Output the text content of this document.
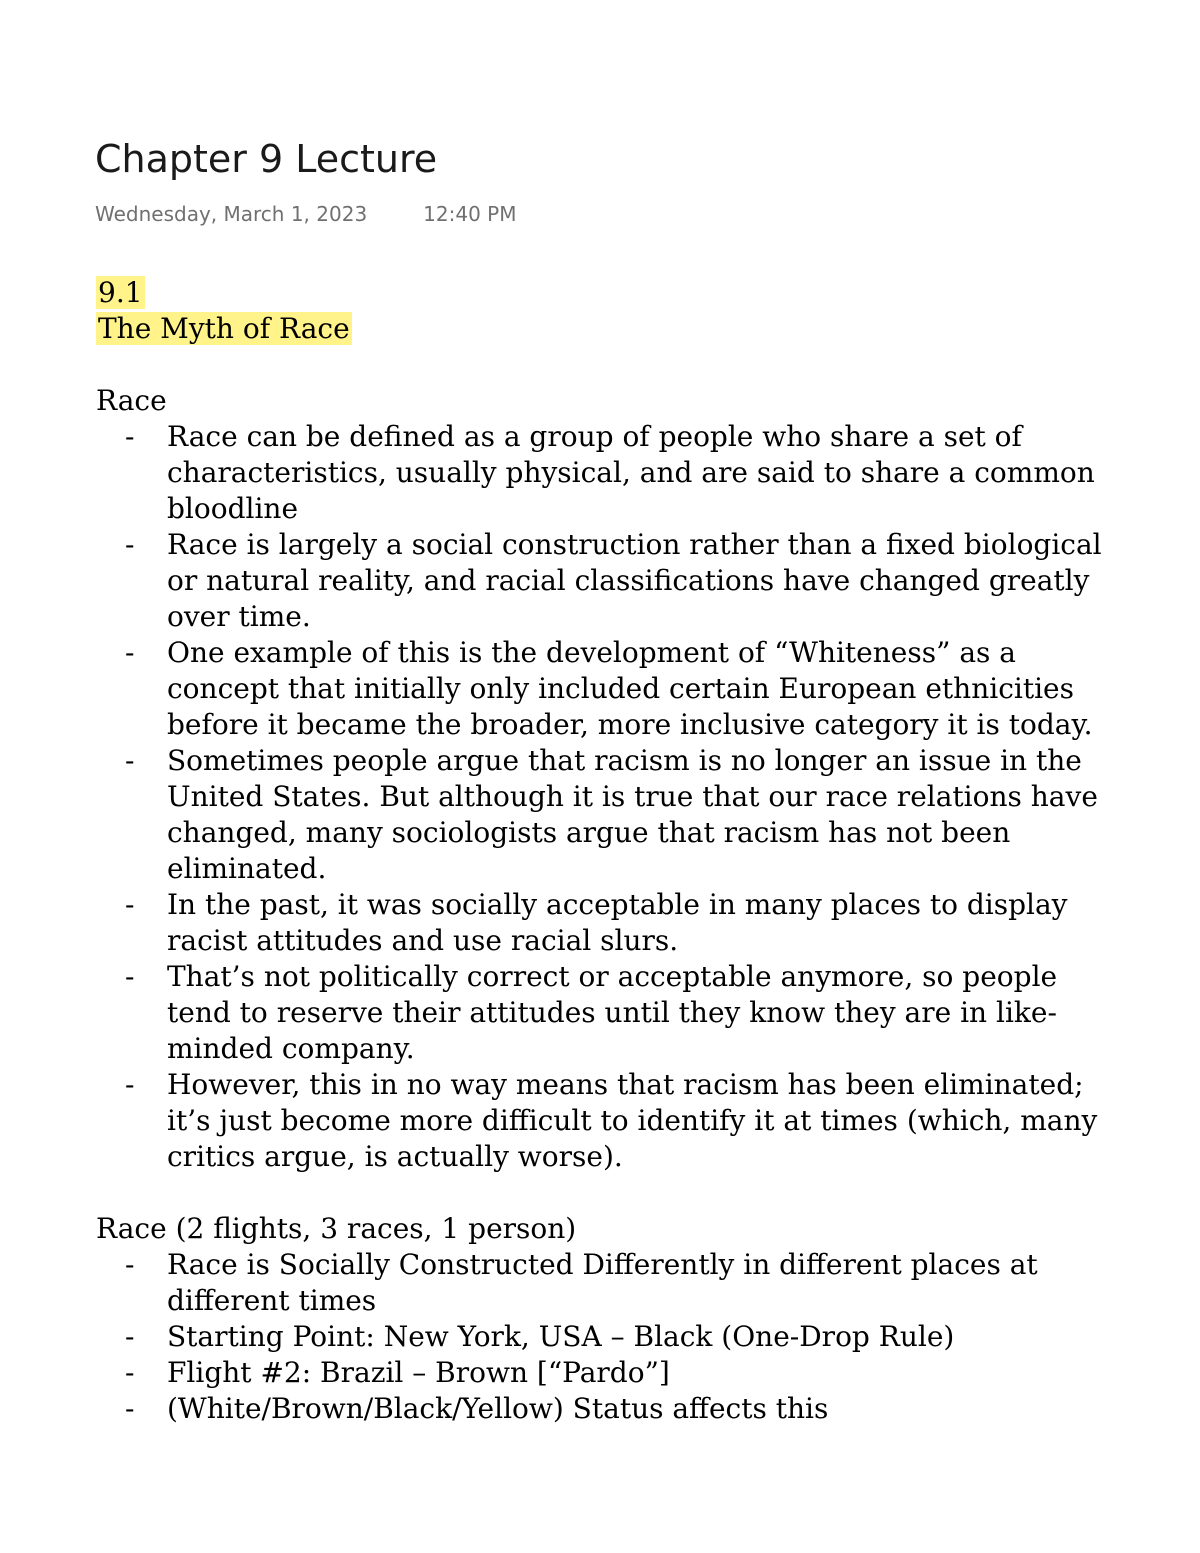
Chapter 9 Lecture
Wednesday, March 1, 2023	12:40 PM
9.1
The Myth of Race
Race
- Race can be defined as a group of people who share a set of characteristics, usually physical, and are said to share a common bloodline
- Race is largely a social construction rather than a fixed biological or natural reality, and racial classifications have changed greatly over time.
- One example of this is the development of “Whiteness” as a concept that initially only included certain European ethnicities before it became the broader, more inclusive category it is today.
- Sometimes people argue that racism is no longer an issue in the United States. But although it is true that our race relations have changed, many sociologists argue that racism has not been eliminated.
- In the past, it was socially acceptable in many places to display racist attitudes and use racial slurs.
- That’s not politically correct or acceptable anymore, so people tend to reserve their attitudes until they know they are in like-minded company.
- However, this in no way means that racism has been eliminated; it’s just become more difficult to identify it at times (which, many critics argue, is actually worse).
Race (2 flights, 3 races, 1 person)
- Race is Socially Constructed Differently in different places at different times
- Starting Point: New York, USA – Black (One-Drop Rule)
- Flight #2: Brazil – Brown [“Pardo”]
- (White/Brown/Black/Yellow) Status affects this
